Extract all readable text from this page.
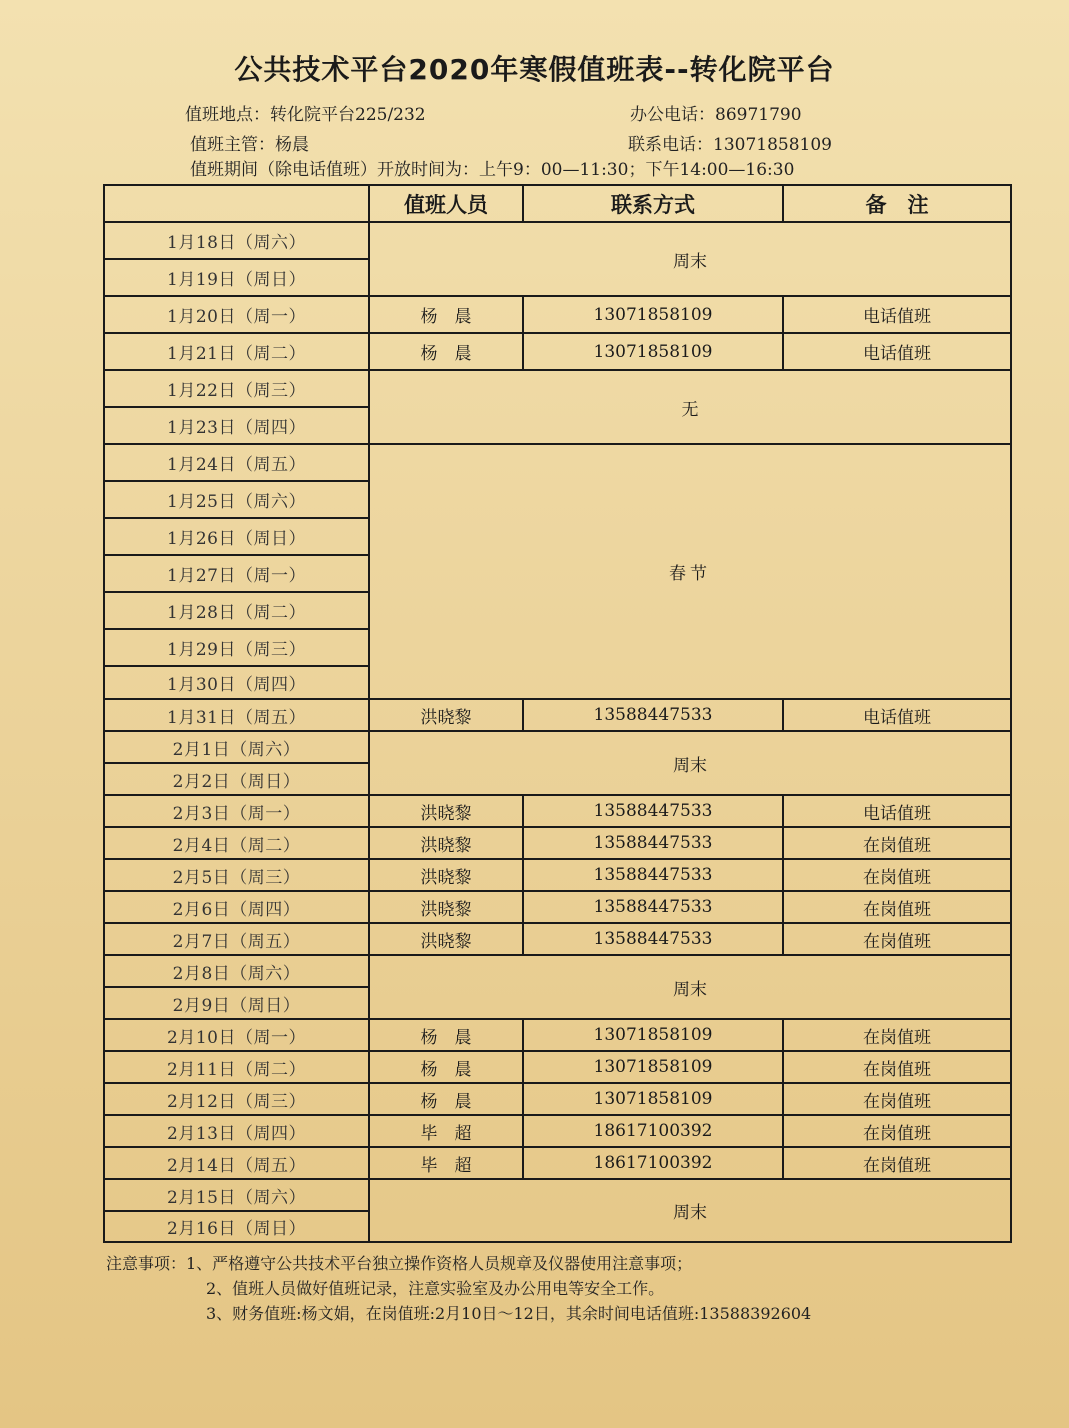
公共技术平台2020年寒假值班表--转化院平台
值班地点：转化院平台225/232	办公电话：86971790
值班主管：杨晨	联系电话：13071858109
值班期间（除电话值班）开放时间为：上午9：00—11:30；下午14:00—16:30
	值班人员	联系方式	备　注
1月18日（周六）	周末		
1月19日（周日）			
1月20日（周一）	杨　晨	13071858109	电话值班
1月21日（周二）	杨　晨	13071858109	电话值班
1月22日（周三）	无		
1月23日（周四）			
1月24日（周五）	春节		
1月25日（周六）			
1月26日（周日）			
1月27日（周一）			
1月28日（周二）			
1月29日（周三）			
1月30日（周四）			
1月31日（周五）	洪晓黎	13588447533	电话值班
2月1日（周六）	周末		
2月2日（周日）			
2月3日（周一）	洪晓黎	13588447533	电话值班
2月4日（周二）	洪晓黎	13588447533	在岗值班
2月5日（周三）	洪晓黎	13588447533	在岗值班
2月6日（周四）	洪晓黎	13588447533	在岗值班
2月7日（周五）	洪晓黎	13588447533	在岗值班
2月8日（周六）	周末		
2月9日（周日）			
2月10日（周一）	杨　晨	13071858109	在岗值班
2月11日（周二）	杨　晨	13071858109	在岗值班
2月12日（周三）	杨　晨	13071858109	在岗值班
2月13日（周四）	毕　超	18617100392	在岗值班
2月14日（周五）	毕　超	18617100392	在岗值班
2月15日（周六）	周末		
2月16日（周日）			
注意事项：1、严格遵守公共技术平台独立操作资格人员规章及仪器使用注意事项；
2、值班人员做好值班记录，注意实验室及办公用电等安全工作。
3、财务值班:杨文娟，在岗值班:2月10日～12日，其余时间电话值班:13588392604
